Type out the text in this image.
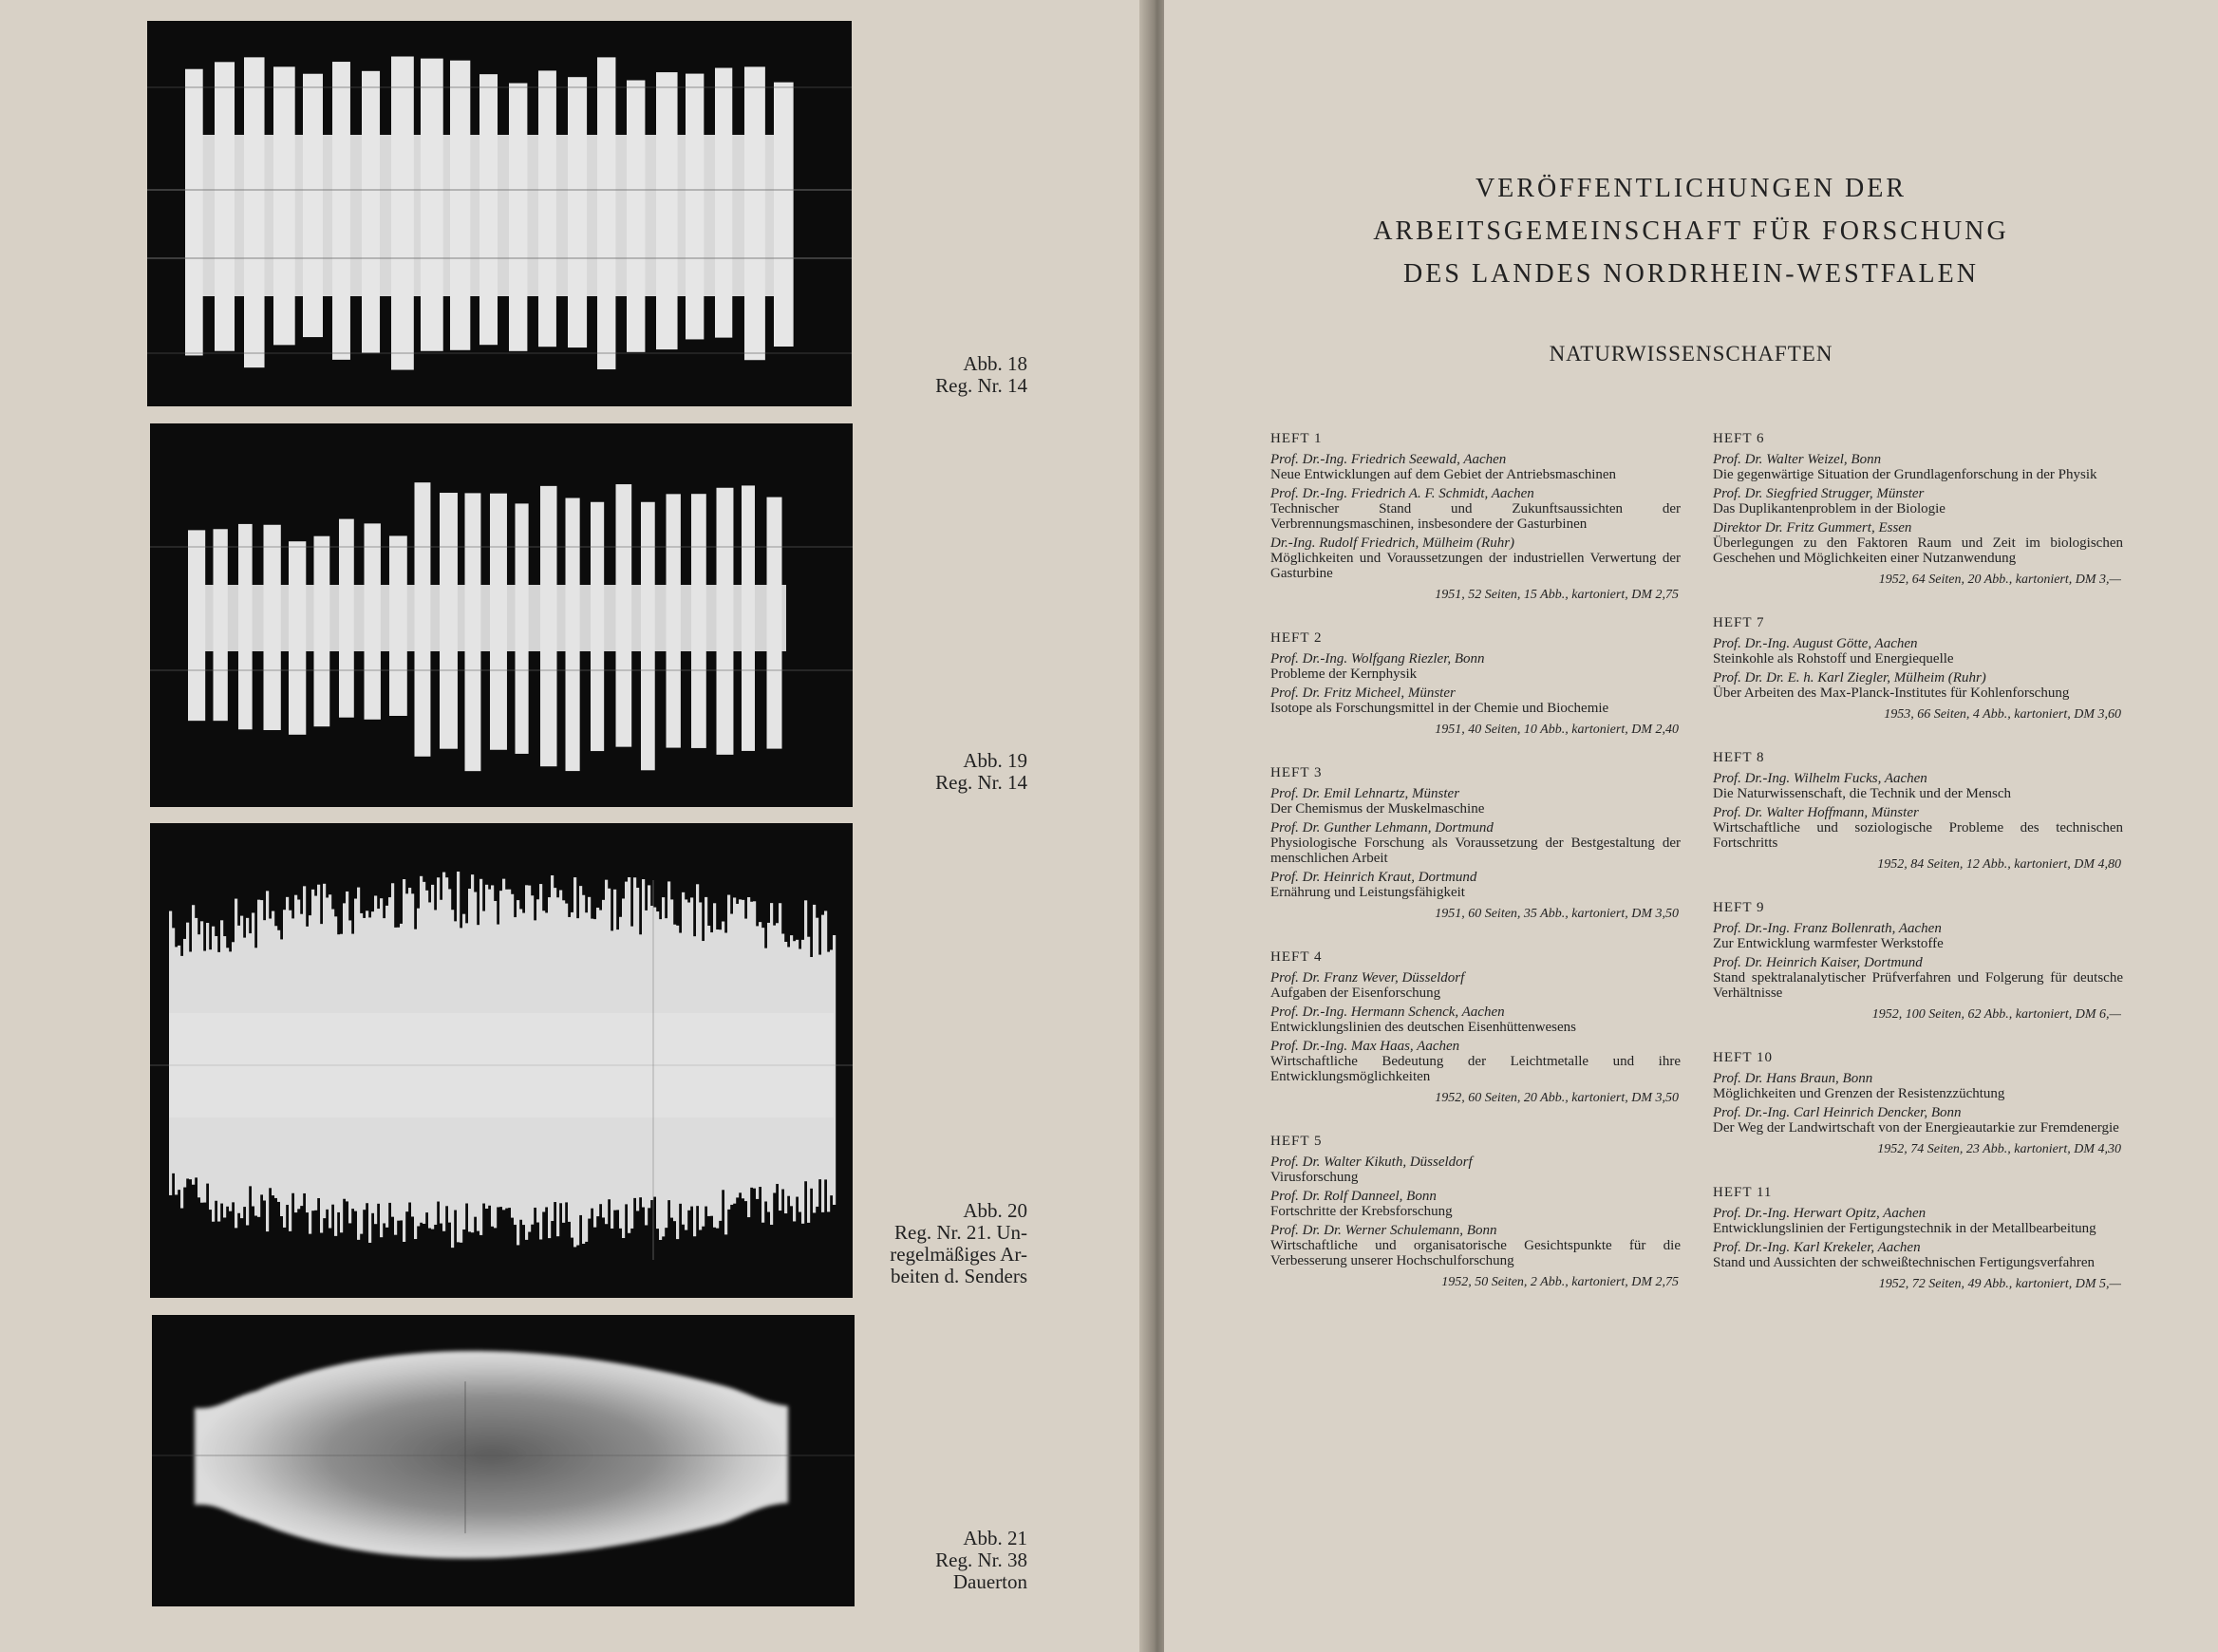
Abb. 18
Reg. Nr. 14
Abb. 19
Reg. Nr. 14
Abb. 20
Reg. Nr. 21. Un-
regelmäßiges Ar-
beiten d. Senders
Abb. 21
Reg. Nr. 38
Dauerton
VERÖFFENTLICHUNGEN DER
ARBEITSGEMEINSCHAFT FÜR FORSCHUNG
DES LANDES NORDRHEIN-WESTFALEN
NATURWISSENSCHAFTEN
HEFT 1
Prof. Dr.-Ing. Friedrich Seewald, Aachen
Neue Entwicklungen auf dem Gebiet der Antriebsmaschinen
Prof. Dr.-Ing. Friedrich A. F. Schmidt, Aachen
Technischer Stand und Zukunftsaussichten der Verbrennungsmaschinen, insbesondere der Gasturbinen
Dr.-Ing. Rudolf Friedrich, Mülheim (Ruhr)
Möglichkeiten und Voraussetzungen der industriellen Verwertung der Gasturbine
1951, 52 Seiten, 15 Abb., kartoniert, DM 2,75
HEFT 2
Prof. Dr.-Ing. Wolfgang Riezler, Bonn
Probleme der Kernphysik
Prof. Dr. Fritz Micheel, Münster
Isotope als Forschungsmittel in der Chemie und Biochemie
1951, 40 Seiten, 10 Abb., kartoniert, DM 2,40
HEFT 3
Prof. Dr. Emil Lehnartz, Münster
Der Chemismus der Muskelmaschine
Prof. Dr. Gunther Lehmann, Dortmund
Physiologische Forschung als Voraussetzung der Bestgestaltung der menschlichen Arbeit
Prof. Dr. Heinrich Kraut, Dortmund
Ernährung und Leistungsfähigkeit
1951, 60 Seiten, 35 Abb., kartoniert, DM 3,50
HEFT 4
Prof. Dr. Franz Wever, Düsseldorf
Aufgaben der Eisenforschung
Prof. Dr.-Ing. Hermann Schenck, Aachen
Entwicklungslinien des deutschen Eisenhüttenwesens
Prof. Dr.-Ing. Max Haas, Aachen
Wirtschaftliche Bedeutung der Leichtmetalle und ihre Entwicklungsmöglichkeiten
1952, 60 Seiten, 20 Abb., kartoniert, DM 3,50
HEFT 5
Prof. Dr. Walter Kikuth, Düsseldorf
Virusforschung
Prof. Dr. Rolf Danneel, Bonn
Fortschritte der Krebsforschung
Prof. Dr. Dr. Werner Schulemann, Bonn
Wirtschaftliche und organisatorische Gesichtspunkte für die Verbesserung unserer Hochschulforschung
1952, 50 Seiten, 2 Abb., kartoniert, DM 2,75
HEFT 6
Prof. Dr. Walter Weizel, Bonn
Die gegenwärtige Situation der Grundlagenforschung in der Physik
Prof. Dr. Siegfried Strugger, Münster
Das Duplikantenproblem in der Biologie
Direktor Dr. Fritz Gummert, Essen
Überlegungen zu den Faktoren Raum und Zeit im biologischen Geschehen und Möglichkeiten einer Nutzanwendung
1952, 64 Seiten, 20 Abb., kartoniert, DM 3,—
HEFT 7
Prof. Dr.-Ing. August Götte, Aachen
Steinkohle als Rohstoff und Energiequelle
Prof. Dr. Dr. E. h. Karl Ziegler, Mülheim (Ruhr)
Über Arbeiten des Max-Planck-Institutes für Kohlenforschung
1953, 66 Seiten, 4 Abb., kartoniert, DM 3,60
HEFT 8
Prof. Dr.-Ing. Wilhelm Fucks, Aachen
Die Naturwissenschaft, die Technik und der Mensch
Prof. Dr. Walter Hoffmann, Münster
Wirtschaftliche und soziologische Probleme des technischen Fortschritts
1952, 84 Seiten, 12 Abb., kartoniert, DM 4,80
HEFT 9
Prof. Dr.-Ing. Franz Bollenrath, Aachen
Zur Entwicklung warmfester Werkstoffe
Prof. Dr. Heinrich Kaiser, Dortmund
Stand spektralanalytischer Prüfverfahren und Folgerung für deutsche Verhältnisse
1952, 100 Seiten, 62 Abb., kartoniert, DM 6,—
HEFT 10
Prof. Dr. Hans Braun, Bonn
Möglichkeiten und Grenzen der Resistenzzüchtung
Prof. Dr.-Ing. Carl Heinrich Dencker, Bonn
Der Weg der Landwirtschaft von der Energieautarkie zur Fremdenergie
1952, 74 Seiten, 23 Abb., kartoniert, DM 4,30
HEFT 11
Prof. Dr.-Ing. Herwart Opitz, Aachen
Entwicklungslinien der Fertigungstechnik in der Metallbearbeitung
Prof. Dr.-Ing. Karl Krekeler, Aachen
Stand und Aussichten der schweißtechnischen Fertigungsverfahren
1952, 72 Seiten, 49 Abb., kartoniert, DM 5,—
